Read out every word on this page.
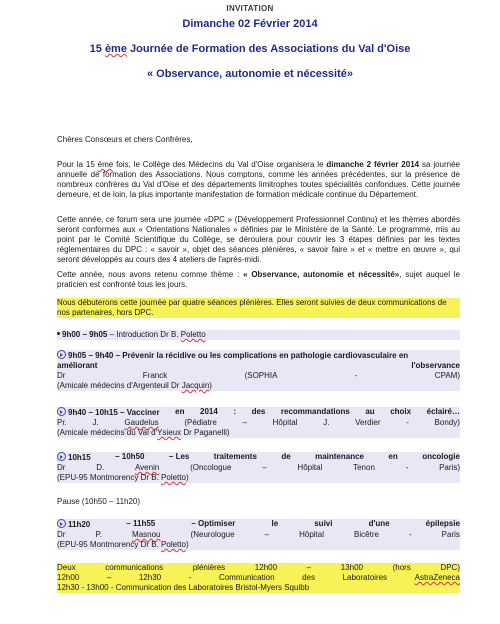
INVITATION
Dimanche 02 Février 2014
15 ème Journée de Formation des Associations du Val d'Oise
« Observance, autonomie et nécessité»
Chères Consœurs et chers Confrères,
Pour la 15 ème fois, le Collège des Médecins du Val d'Oise organisera le dimanche 2 février 2014 sa journée annuelle de formation des Associations. Nous comptons, comme les années précédentes, sur la présence de nombreux confrères du Val d'Oise et des départements limitrophes toutes spécialités confondues. Cette journée demeure, et de loin, la plus importante manifestation de formation médicale continue du Département.
Cette année, ce forum sera une journée «DPC » (Développement Professionnel Continu) et les thèmes abordés seront conformes aux « Orientations Nationales » définies par le Ministère de la Santé. Le programme, mis au point par le Comité Scientifique du Collège, se déroulera pour couvrir les 3 étapes définies par les textes réglementaires du DPC : « savoir », objet des séances plénières, « savoir faire » et « mettre en œuvre », qui seront développés au cours des 4 ateliers de l'après-midi.
Cette année, nous avons retenu comme thème : « Observance, autonomie et nécessité», sujet auquel le praticien est confronté tous les jours.
Nous débuterons cette journée par quatre séances plénières. Elles seront suivies de deux communications de nos partenaires, hors DPC.
9h00 – 9h05 – Introduction Dr B. Poletto
9h05 – 9h40 – Prévenir la récidive ou les complications en pathologie cardiovasculaire en
améliorant	l'observance
Dr	Franck	(SOPHIA	-	CPAM)
(Amicale médecins d'Argenteuil Dr Jacquin)
9h40 – 10h15 – Vacciner en 2014 : des recommandations au choix éclairé…
Pr.	J.	Gaudelus	(Pédiatre	–	Hôpital	J.	Verdier	-	Bondy)
(Amicale médecins du Val d'Ysieux Dr Paganelli)
10h15	– 10h50	– Les	traitements	de	maintenance	en	oncologie
Dr	D.	Avenin	(Oncologue	–	Hôpital	Tenon	-	Paris)
(EPU-95 Montmorency Dr B. Poletto)
Pause (10h50 – 11h20)
11h20	– 11h55	– Optimiser	le	suivi	d'une	épilepsie
Dr	P.	Masnou	(Neurologue	–	Hôpital	Bicêtre	-	Paris
(EPU-95 Montmorency Dr B. Poletto)
Deux	communications	plénières	12h00	–	13h00	(hors	DPC)
12h00	–	12h30	-	Communication	des	Laboratoires	AstraZeneca
12h30 - 13h00 - Communication des Laboratoires Bristol-Myers Squibb
